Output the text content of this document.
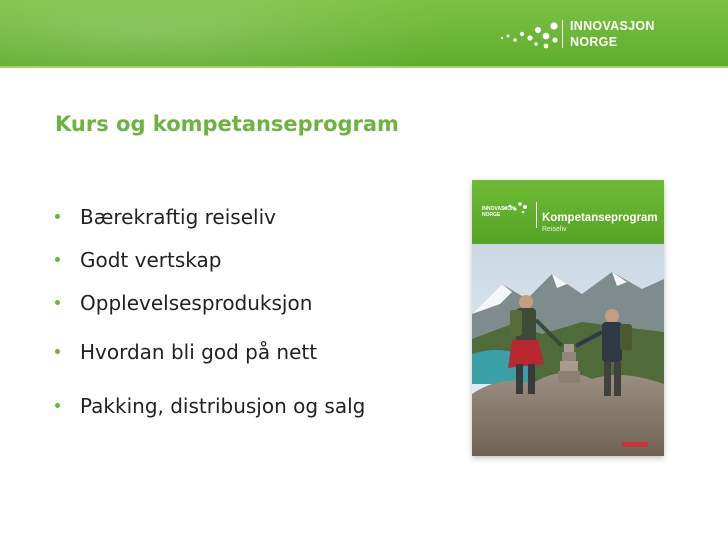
INNOVASJON
NORGE
Kurs og kompetanseprogram
Bærekraftig reiseliv
Godt vertskap
Opplevelsesproduksjon
Hvordan bli god på nett
Pakking, distribusjon og salg
INNOVASJON
NORGE	Kompetanseprogram
Reiseliv
